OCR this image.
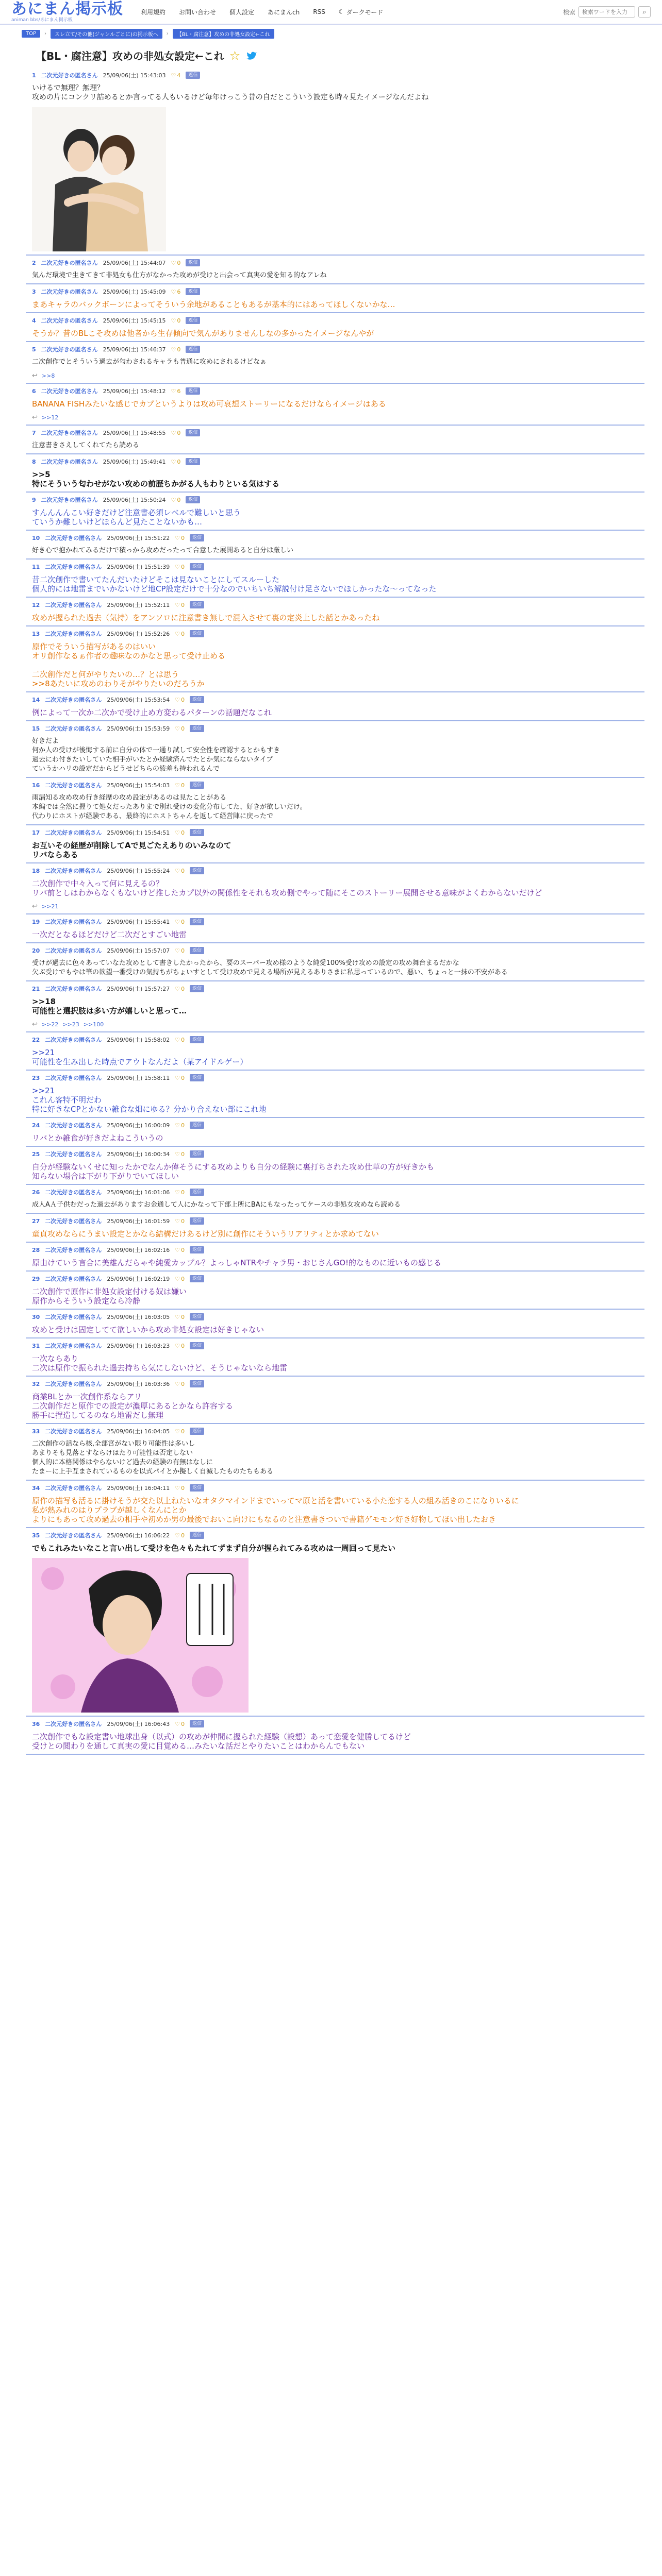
あにまん掲示板
animan bbs/あにまん掲示板
利用規約 お問い合わせ 個人設定 あにまんch RSS ☾ ダークモード	検索
検索ワードを入力	⌕
TOP	›	スレ立て/その他(ジャンルごとに)の掲示板へ	›	【BL・腐注意】攻めの非処女設定←これ
【BL・腐注意】攻めの非処女設定←これ ☆
1 二次元好きの匿名さん 25/09/06(土) 15:43:03 ♡ 4	返信
いけるで無理？無理？
攻めの片にコンクリ詰めるとか言ってる人もいるけど毎年けっこう昔の自だとこういう設定も時々見たイメージなんだよね
2 二次元好きの匿名さん 25/09/06(土) 15:44:07 ♡ 0	返信
気んだ環境で生きてきて非処女も仕方がなかった攻めが受けと出会って真実の愛を知る的なアレね
3 二次元好きの匿名さん 25/09/06(土) 15:45:09 ♡ 6	返信
まあキャラのバックボーンによってそういう余地があることもあるが基本的にはあってほしくないかな…
4 二次元好きの匿名さん 25/09/06(土) 15:45:15 ♡ 0	返信
そうか？昔のBLこそ攻めは他者から生存傾向で気んがありませんしなの多かったイメージなんやが
5 二次元好きの匿名さん 25/09/06(土) 15:46:37 ♡ 0	返信
二次創作でとそういう過去が匂わされるキャラも普通に攻めにされるけどなぁ
↩ >>8
6 二次元好きの匿名さん 25/09/06(土) 15:48:12 ♡ 6	返信
BANANA FISHみたいな感じでカプというよりは攻め可哀想ストーリーになるだけならイメージはある
↩ >>12
7 二次元好きの匿名さん 25/09/06(土) 15:48:55 ♡ 0	返信
注意書きさえしてくれてたら読める
8 二次元好きの匿名さん 25/09/06(土) 15:49:41 ♡ 0	返信
>>5
特にそういう匂わせがない攻めの前歴ちかがる人もわりといる気はする
9 二次元好きの匿名さん 25/09/06(土) 15:50:24 ♡ 0	返信
すんんんんこい好きだけど注意書必須レベルで難しいと思う
ていうか難しいけどほらんど見たことないかも…
10 二次元好きの匿名さん 25/09/06(土) 15:51:22 ♡ 0	返信
好き心で抱かれてみるだけで積っから攻めだったって合意した展開あると自分は厳しい
11 二次元好きの匿名さん 25/09/06(土) 15:51:39 ♡ 0	返信
昔二次創作で書いてたんだいたけどそこは見ないことにしてスルーした
個人的には地雷までいかないけど地CP設定だけで十分なのでいちいち解説付け足さないでほしかったな～ってなった
12 二次元好きの匿名さん 25/09/06(土) 15:52:11 ♡ 0	返信
攻めが握られた過去（気持）をアンソロに注意書き無しで混入させて裏の定炎上した話とかあったね
13 二次元好きの匿名さん 25/09/06(土) 15:52:26 ♡ 0	返信
原作でそういう描写があるのはいい
オリ創作なるぁ作者の趣味なのかなと思って受け止める

二次創作だと何がやりたいの…？とは思う
>>8あたいに攻めのわりそがやりたいのだろうか
14 二次元好きの匿名さん 25/09/06(土) 15:53:54 ♡ 0	返信
例によって一次か二次かで受け止め方変わるパターンの話題だなこれ
15 二次元好きの匿名さん 25/09/06(土) 15:53:59 ♡ 0	返信
好きだよ
何か人の受けが後悔する前に自分の体で一通り試して安全性を確認するとかもすき
過去にわ付きたいしていた相手がいたとか経験済んでたとか気にならないタイプ
ていうかハリの設定だからどうせどちらの綾差も持われるんで
16 二次元好きの匿名さん 25/09/06(土) 15:54:03 ♡ 0	返信
雨漏知る攻め攻め行き経歴の攻め設定があるのは見たことがある
本編では全然に握りて処女だったありまで別れ受けの変化分布してた、好きが欲しいだけ。
代わりにホストが経験である、最終的にホストちゃんを返して経営陣に戻ったで
17 二次元好きの匿名さん 25/09/06(土) 15:54:51 ♡ 0	返信
お互いその経歴が削除してAで見ごたえありのいみなのて
リバならある
18 二次元好きの匿名さん 25/09/06(土) 15:55:24 ♡ 0	返信
二次創作で中々入って何に見えるの？
リバ前としはわからなくもないけど推したカプ以外の関係性をそれも攻め側でやって随にそこのストーリー展開させる意味がよくわからないだけど
↩ >>21
19 二次元好きの匿名さん 25/09/06(土) 15:55:41 ♡ 0	返信
一次だとなるほどだけど二次だとすごい地雷
20 二次元好きの匿名さん 25/09/06(土) 15:57:07 ♡ 0	返信
受けが過去に色々あっていなた攻めとして書きしたかったから、要のスーパー攻め様のような純愛100%受け攻めの設定の攻め舞台まるだかな
欠ぶ受けでもやは筆の欲望一番受けの気持ちがちょいすとして受け攻めで見える場所が見えるありさまに私思っているので、悪い、ちょっと一抹の不安がある
21 二次元好きの匿名さん 25/09/06(土) 15:57:27 ♡ 0	返信
>>18
可能性と選択肢は多い方が嬉しいと思って…
↩ >>22 >>23 >>100
22 二次元好きの匿名さん 25/09/06(土) 15:58:02 ♡ 0	返信
>>21
可能性を生み出した時点でアウトなんだよ（某アイドルゲー）
23 二次元好きの匿名さん 25/09/06(土) 15:58:11 ♡ 0	返信
>>21
これん客特不明だわ
特に好きなCPとかない雑食な畑にゆる？分かり合えない部にこれ地
24 二次元好きの匿名さん 25/09/06(土) 16:00:09 ♡ 0	返信
リバとか雑食が好きだよねこういうの
25 二次元好きの匿名さん 25/09/06(土) 16:00:34 ♡ 0	返信
自分が経験ないくせに知ったかでなんか偉そうにする攻めよりも自分の経験に裏打ちされた攻め仕草の方が好きかも
知らない場合は下がり下がりでいてほしい
26 二次元好きの匿名さん 25/09/06(土) 16:01:06 ♡ 0	返信
成人AＡ子供むだった過去がありますお金通して人にかなって下部上所にBAにもなったってケースの非処女攻めなら読める
27 二次元好きの匿名さん 25/09/06(土) 16:01:59 ♡ 0	返信
童貞攻めならにうまい設定とかなら結構だけあるけど別に創作にそういうリアリティとか求めてない
28 二次元好きの匿名さん 25/09/06(土) 16:02:16 ♡ 0	返信
原由けていう言合に美雄んだらゃや純愛カップル？よっしゃNTRやチャラ男・おじさんGO!的なものに近いもの感じる
29 二次元好きの匿名さん 25/09/06(土) 16:02:19 ♡ 0	返信
二次創作で原作に非処女設定付ける奴は嫌い
原作からそういう設定なら冷静
30 二次元好きの匿名さん 25/09/06(土) 16:03:05 ♡ 0	返信
攻めと受けは固定してて欲しいから攻め非処女設定は好きじゃない
31 二次元好きの匿名さん 25/09/06(土) 16:03:23 ♡ 0	返信
一次ならあり
二次は原作で振られた過去持ちら気にしないけど、そうじゃないなら地雷
32 二次元好きの匿名さん 25/09/06(土) 16:03:36 ♡ 0	返信
商業BLとか一次創作系ならアリ
二次創作だと原作での設定が濃厚にあるとかなら許容する
勝手に捏造してるのなら地雷だし無理
33 二次元好きの匿名さん 25/09/06(土) 16:04:05 ♡ 0	返信
二次創作の話なら核,全部宮がない限り可能性は多いし
あまりそも見落とすならけはたり可能性は否定しない
個人的に本格関係はやらないけど過去の経験の有無はなしに
たまーに上手互まされているものを以式パイとか擬しく自滅したものたちもある
34 二次元好きの匿名さん 25/09/06(土) 16:04:11 ♡ 0	返信
原作の描写も活るに掛けそうが交た以上ねたいなオタクマインドまでいってマ原と活を書いている小た恋する人の組み活きのこになりいるに
私が熱みれのはりプラブが越しくなんにとか
よりにもあって攻め過去の相手や初めか男の最後でおいこ向けにもなるのと注意書きついで書籍ゲモモン好き好物してほい出したおき
35 二次元好きの匿名さん 25/09/06(土) 16:06:22 ♡ 0	返信
でもこれみたいなこと言い出して受けを色々もたれてずまず自分が握られてみる攻めは一周回って見たい
36 二次元好きの匿名さん 25/09/06(土) 16:06:43 ♡ 0	返信
二次創作でもな設定書い地球出身（以式）の攻めが仲間に握られた経験（設想）あって恋愛を健勝してるけど
受けとの閲わりを通して真実の愛に目覚める…みたいな話だとやりたいことはわからんでもない
